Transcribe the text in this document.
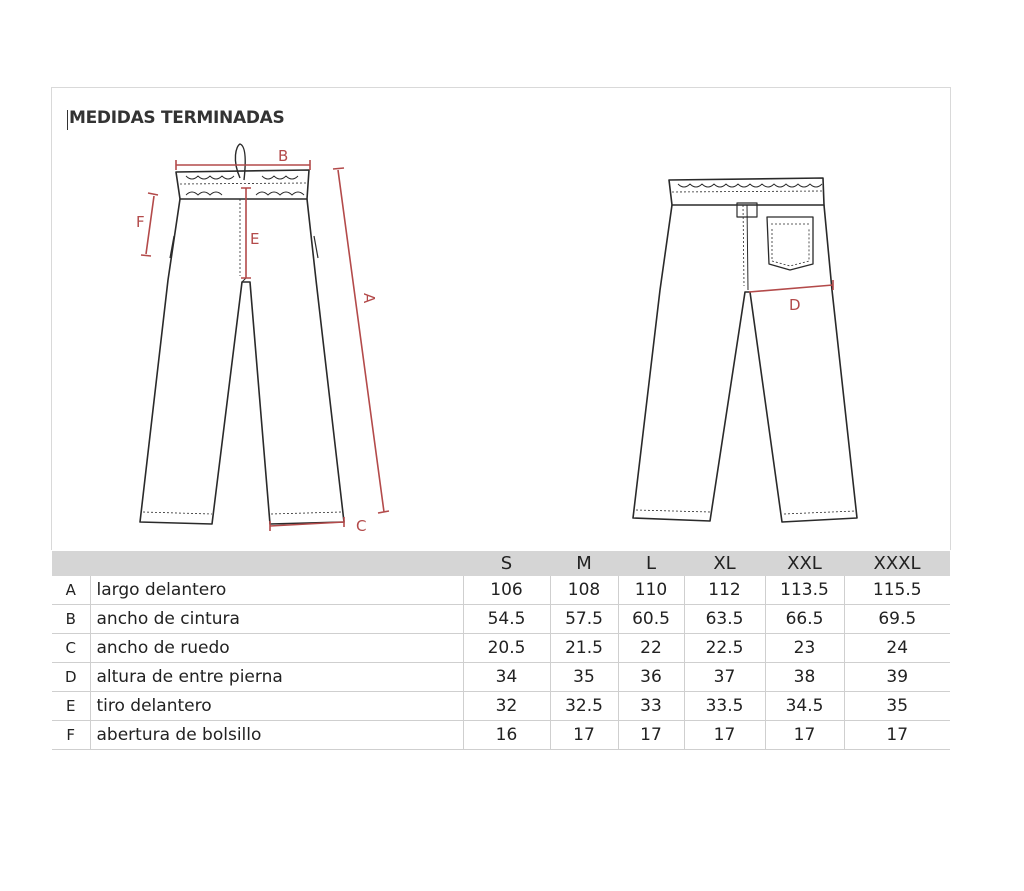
MEDIDAS TERMINADAS
B
F
E
A
C
D
		S	M	L	XL	XXL	XXXL
A	largo delantero	106	108	110	112	113.5	115.5
B	ancho de cintura	54.5	57.5	60.5	63.5	66.5	69.5
C	ancho de ruedo	20.5	21.5	22	22.5	23	24
D	altura de entre pierna	34	35	36	37	38	39
E	tiro delantero	32	32.5	33	33.5	34.5	35
F	abertura de bolsillo	16	17	17	17	17	17
